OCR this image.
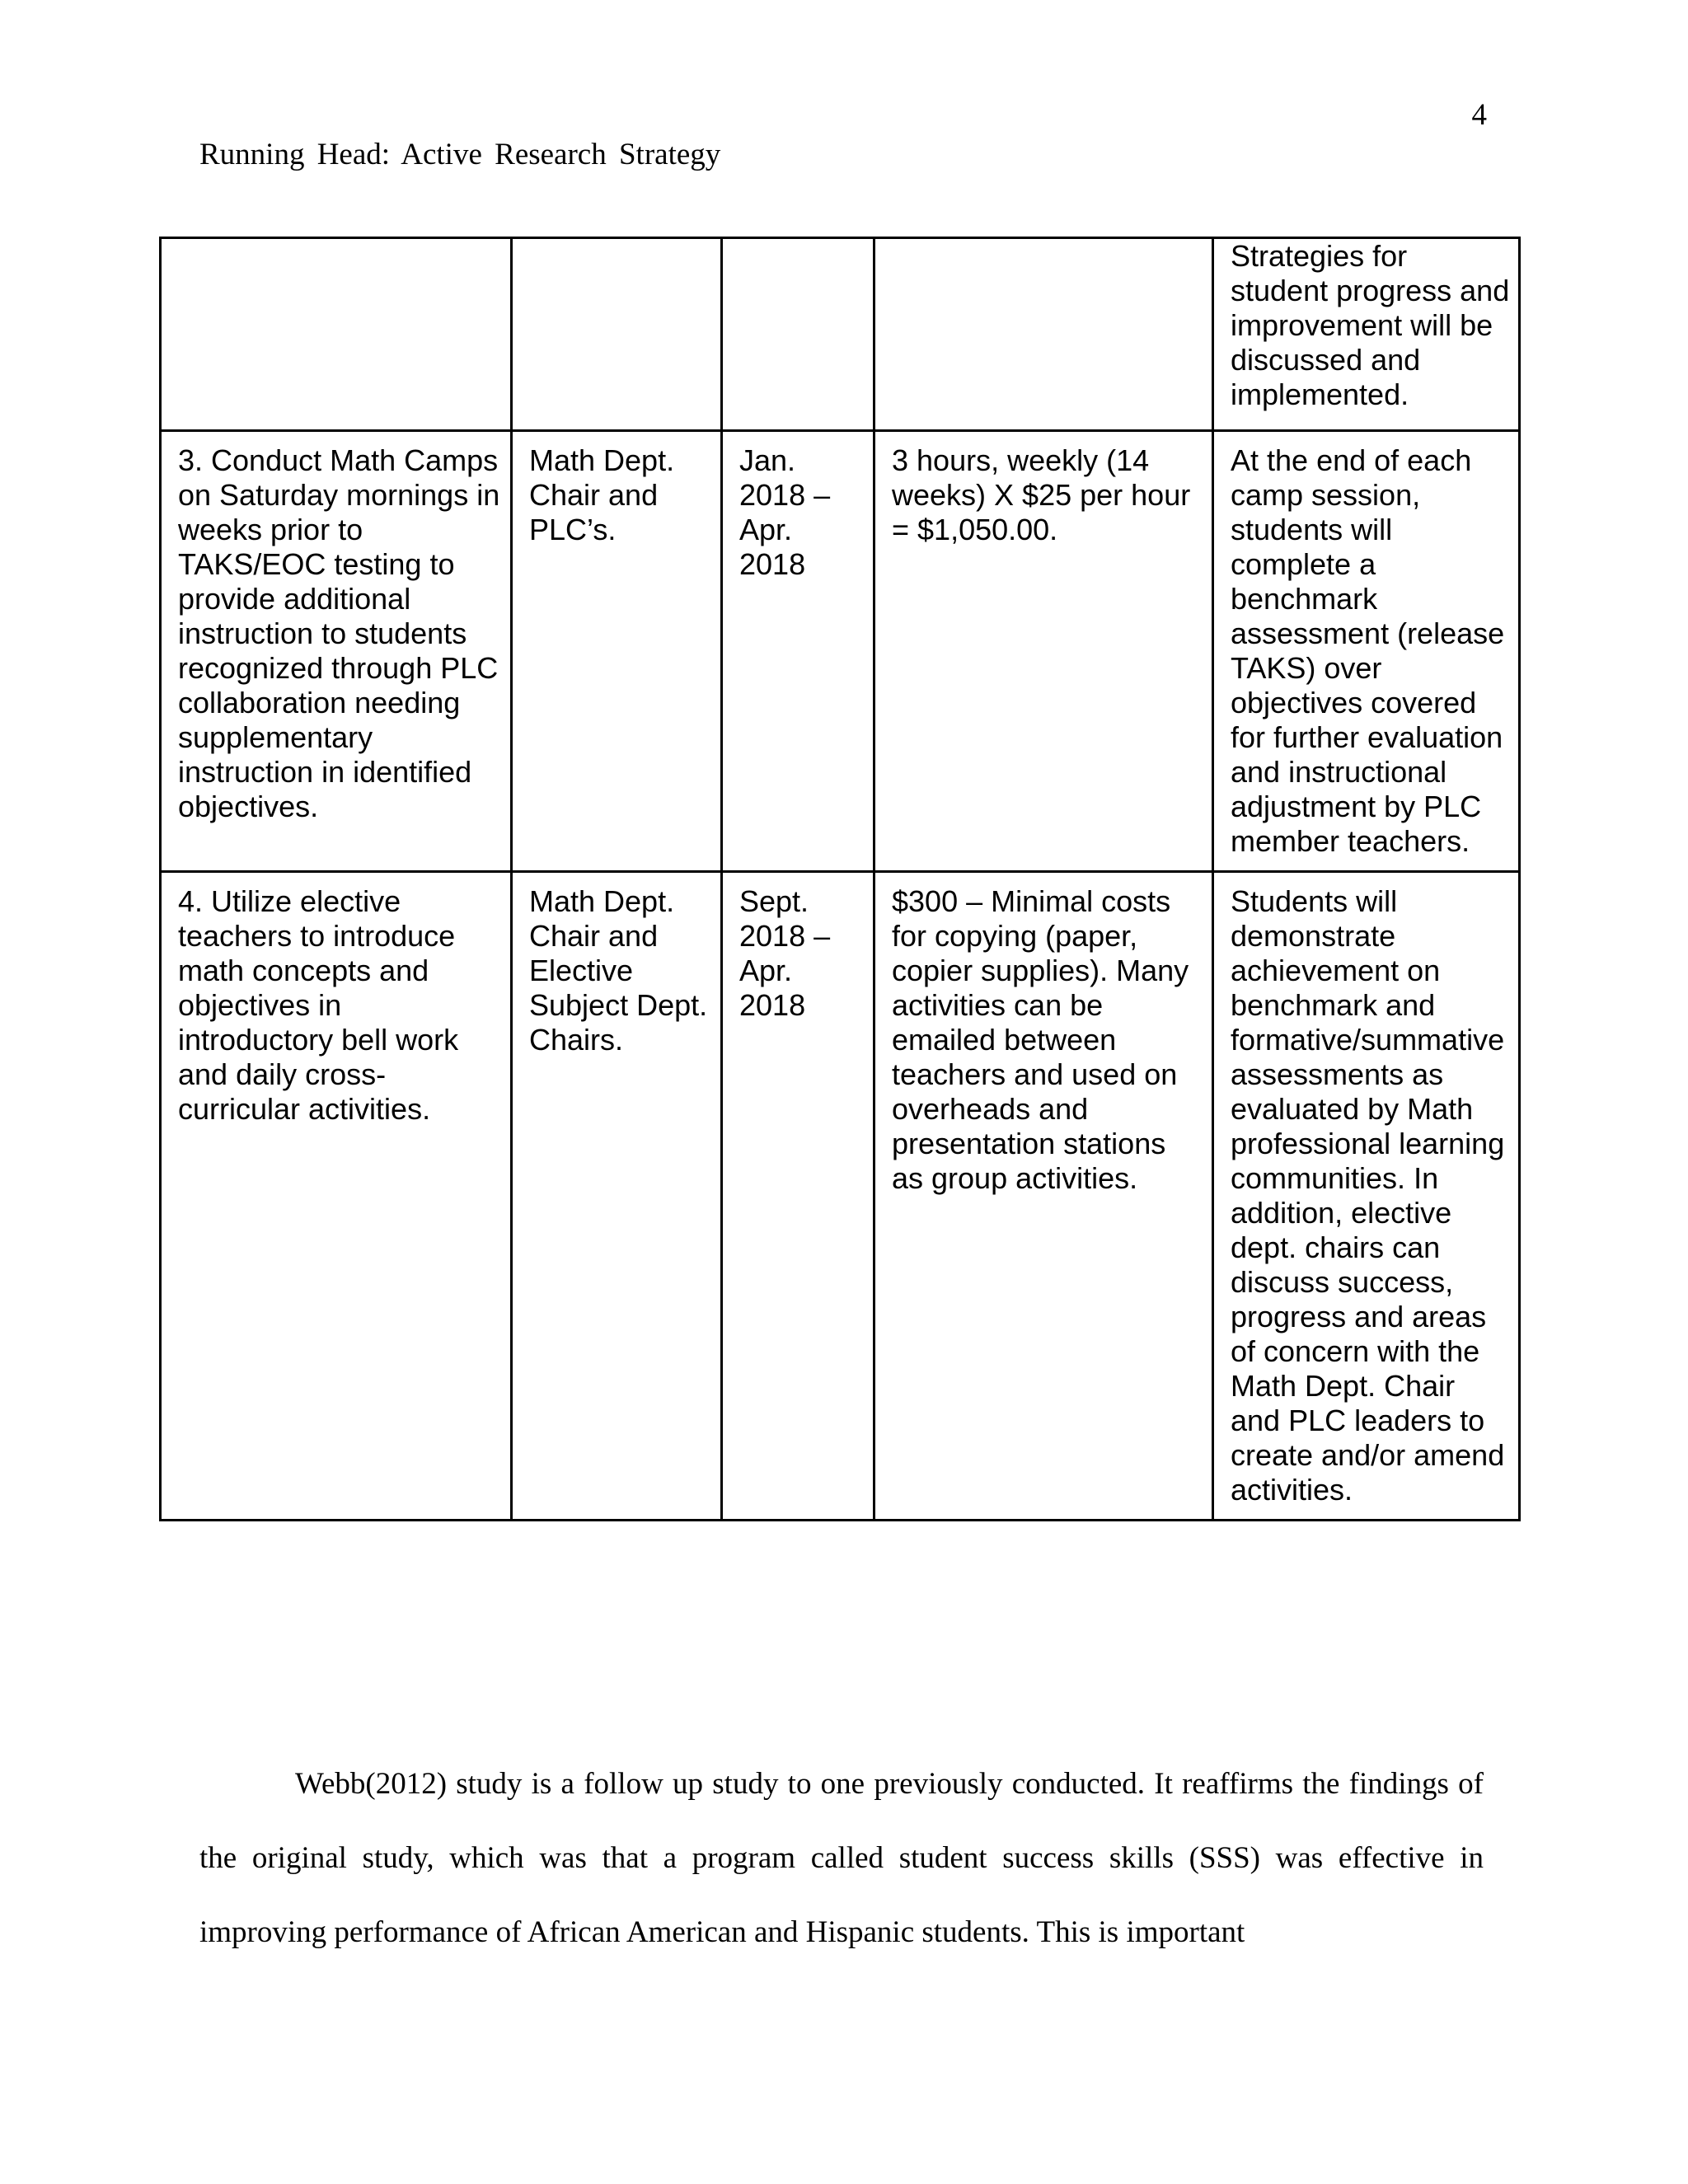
4
Running Head: Active Research Strategy
				Strategies for student progress and improvement will be discussed and implemented.
3. Conduct Math Camps on Saturday mornings in weeks prior to TAKS/EOC testing to provide additional instruction to students recognized through PLC collaboration needing supplementary instruction in identified objectives.	Math Dept. Chair and PLC’s.	Jan. 2018 – Apr. 2018	3 hours, weekly (14 weeks) X $25 per hour = $1,050.00.	At the end of each camp session, students will complete a benchmark assessment (release TAKS) over objectives covered for further evaluation and instructional adjustment by PLC member teachers.
4. Utilize elective teachers to introduce math concepts and objectives in introductory bell work and daily cross-curricular activities.	Math Dept. Chair and Elective Subject Dept. Chairs.	Sept. 2018 – Apr. 2018	$300 – Minimal costs for copying (paper, copier supplies). Many activities can be emailed between teachers and used on overheads and presentation stations as group activities.	Students will demonstrate achievement on benchmark and formative/summative assessments as evaluated by Math professional learning communities. In addition, elective dept. chairs can discuss success, progress and areas of concern with the Math Dept. Chair and PLC leaders to create and/or amend activities.

Webb(2012) study is a follow up study to one previously conducted. It reaffirms the findings of the original study, which was that a program called student success skills (SSS) was effective in improving performance of African American and Hispanic students. This is important
